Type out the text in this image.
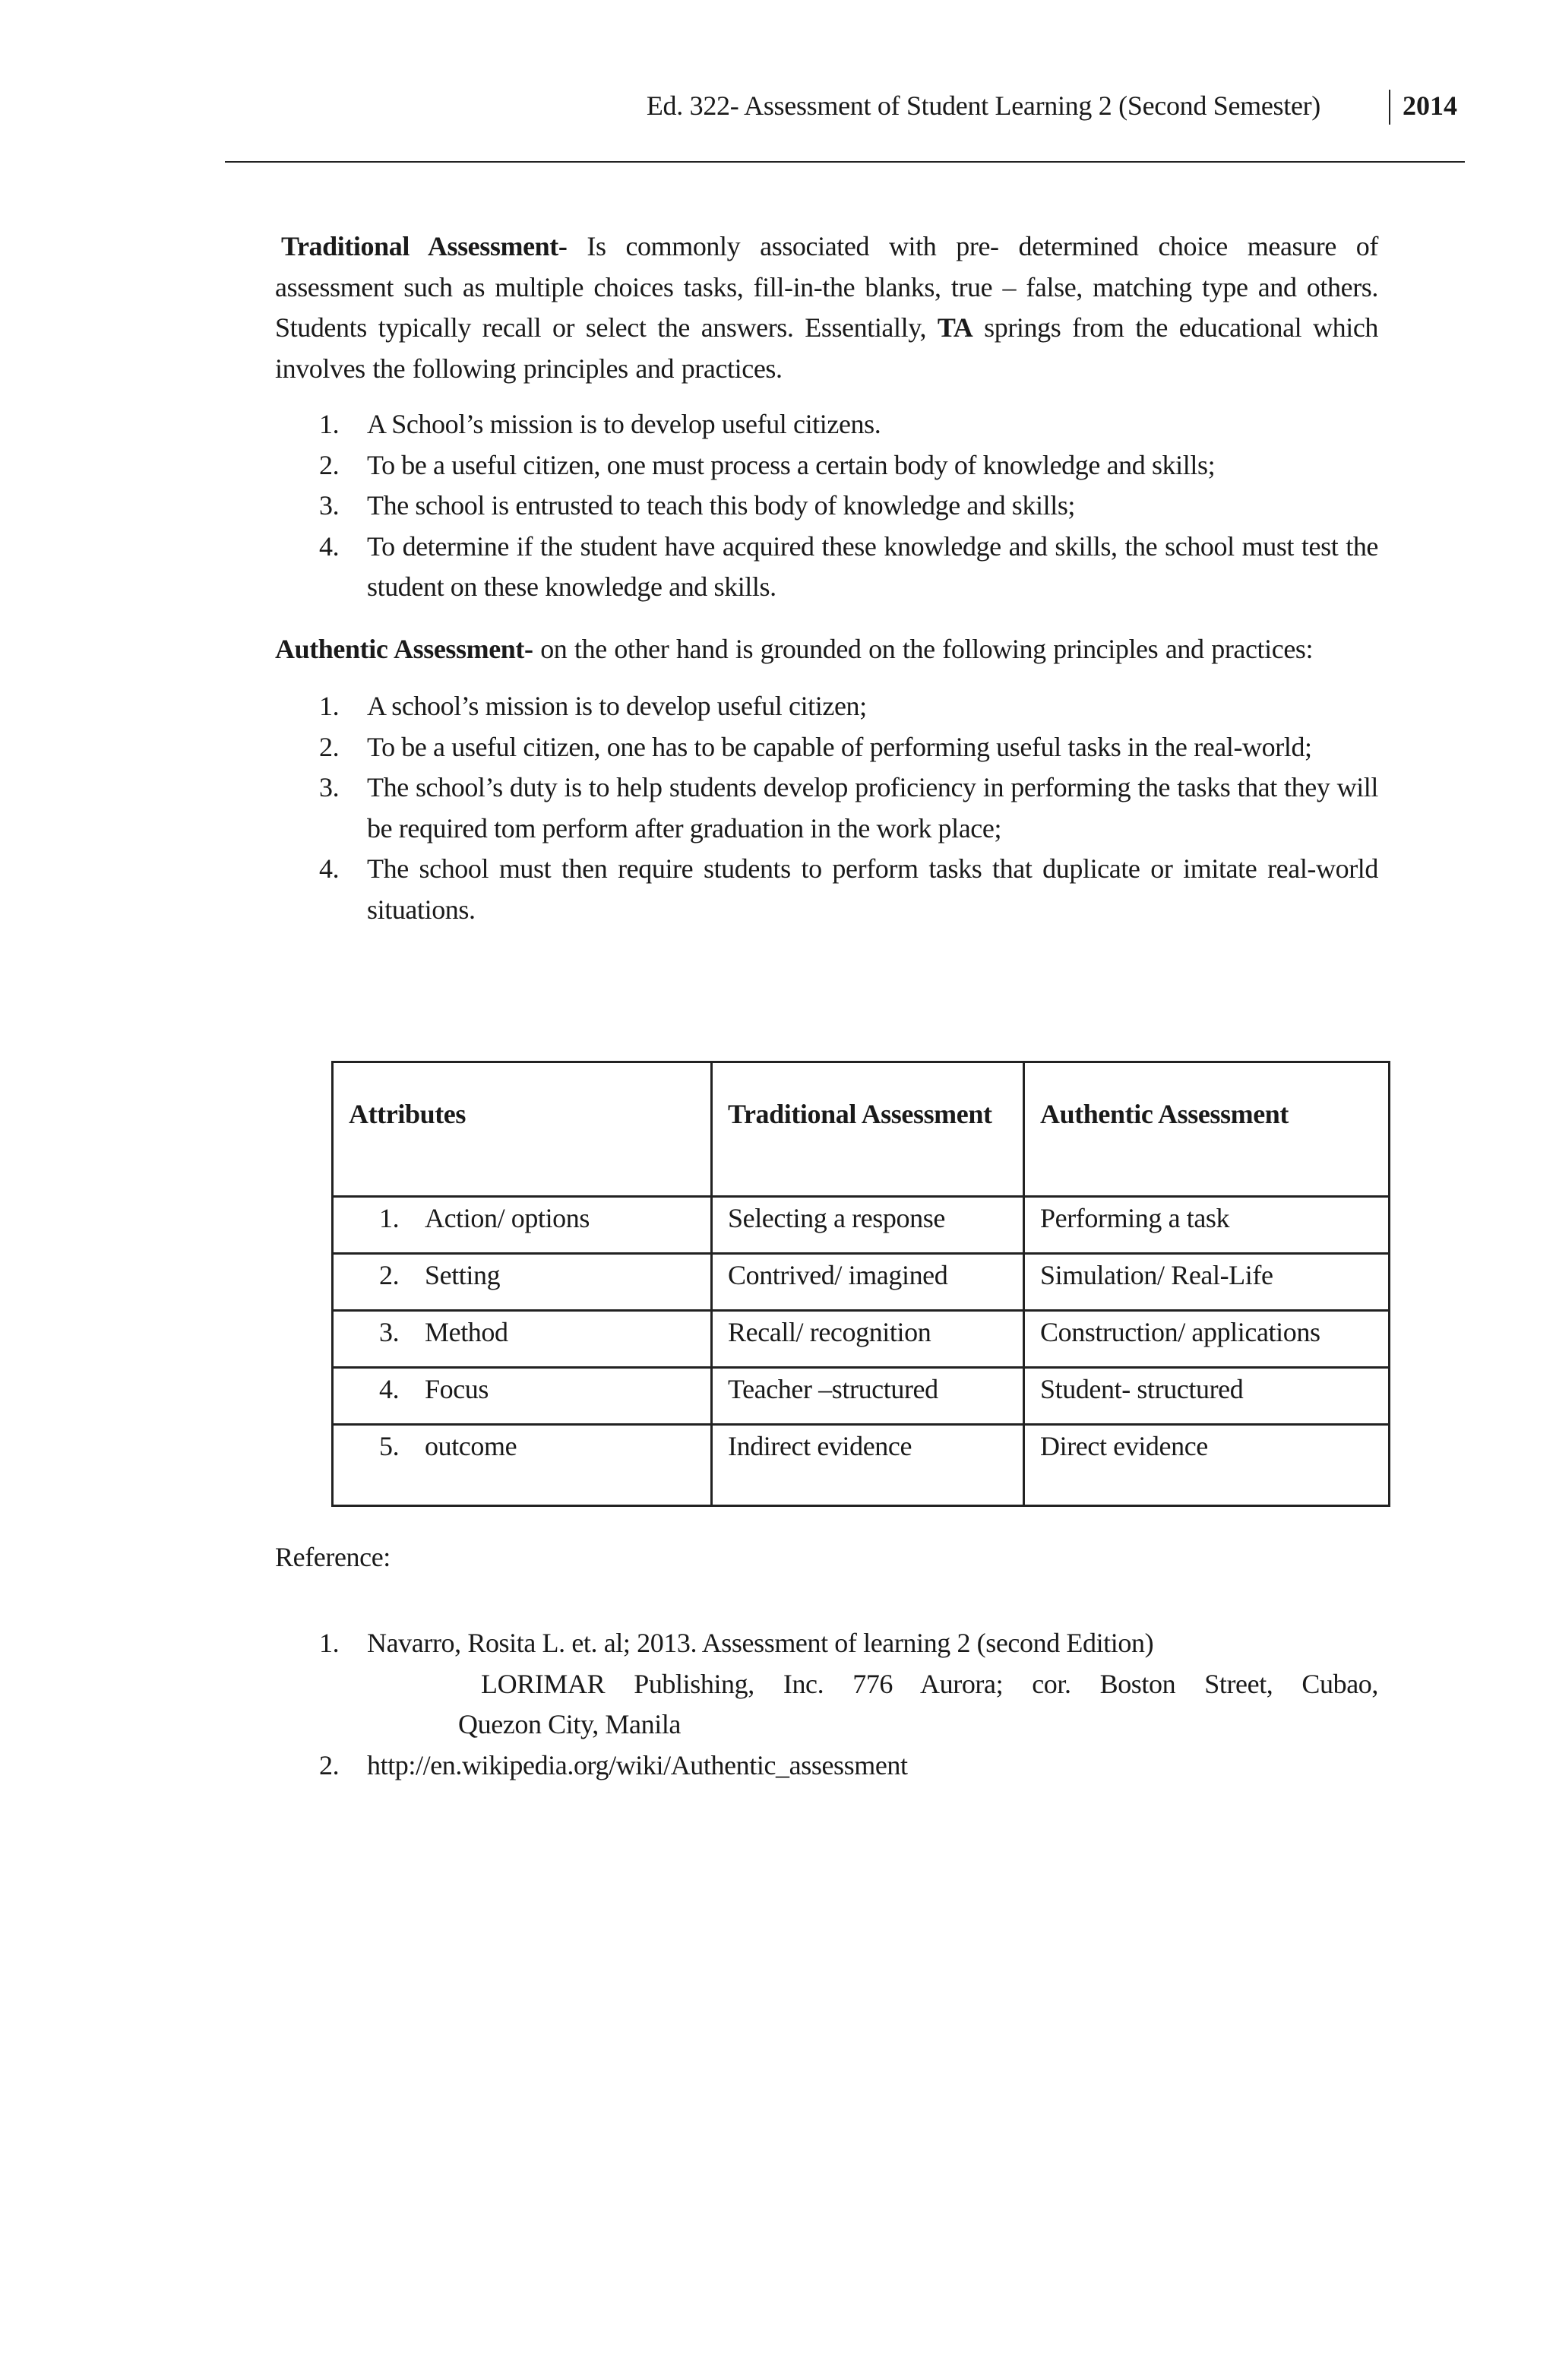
Ed. 322- Assessment of Student Learning 2 (Second Semester)	2014

Traditional Assessment- Is commonly associated with pre- determined choice measure of assessment such as multiple choices tasks, fill-in-the blanks, true – false, matching type and others. Students typically recall or select the answers. Essentially, TA springs from the educational which involves the following principles and practices.

1. A School’s mission is to develop useful citizens.
2. To be a useful citizen, one must process a certain body of knowledge and skills;
3. The school is entrusted to teach this body of knowledge and skills;
4. To determine if the student have acquired these knowledge and skills, the school must test the student on these knowledge and skills.

Authentic Assessment- on the other hand is grounded on the following principles and practices:

1. A school’s mission is to develop useful citizen;
2. To be a useful citizen, one has to be capable of performing useful tasks in the real-world;
3. The school’s duty is to help students develop proficiency in performing the tasks that they will be required tom perform after graduation in the work place;
4. The school must then require students to perform tasks that duplicate or imitate real-world situations.
Attributes	Traditional Assessment	Authentic Assessment
1. Action/ options	Selecting a response	Performing a task
2. Setting	Contrived/ imagined	Simulation/ Real-Life
3. Method	Recall/ recognition	Construction/ applications
4. Focus	Teacher –structured	Student- structured
5. outcome	Indirect evidence	Direct evidence
Reference:
1. Navarro, Rosita L. et. al; 2013. Assessment of learning 2 (second Edition)
LORIMAR Publishing, Inc. 776 Aurora; cor. Boston Street, Cubao,
Quezon City, Manila
2. http://en.wikipedia.org/wiki/Authentic_assessment
